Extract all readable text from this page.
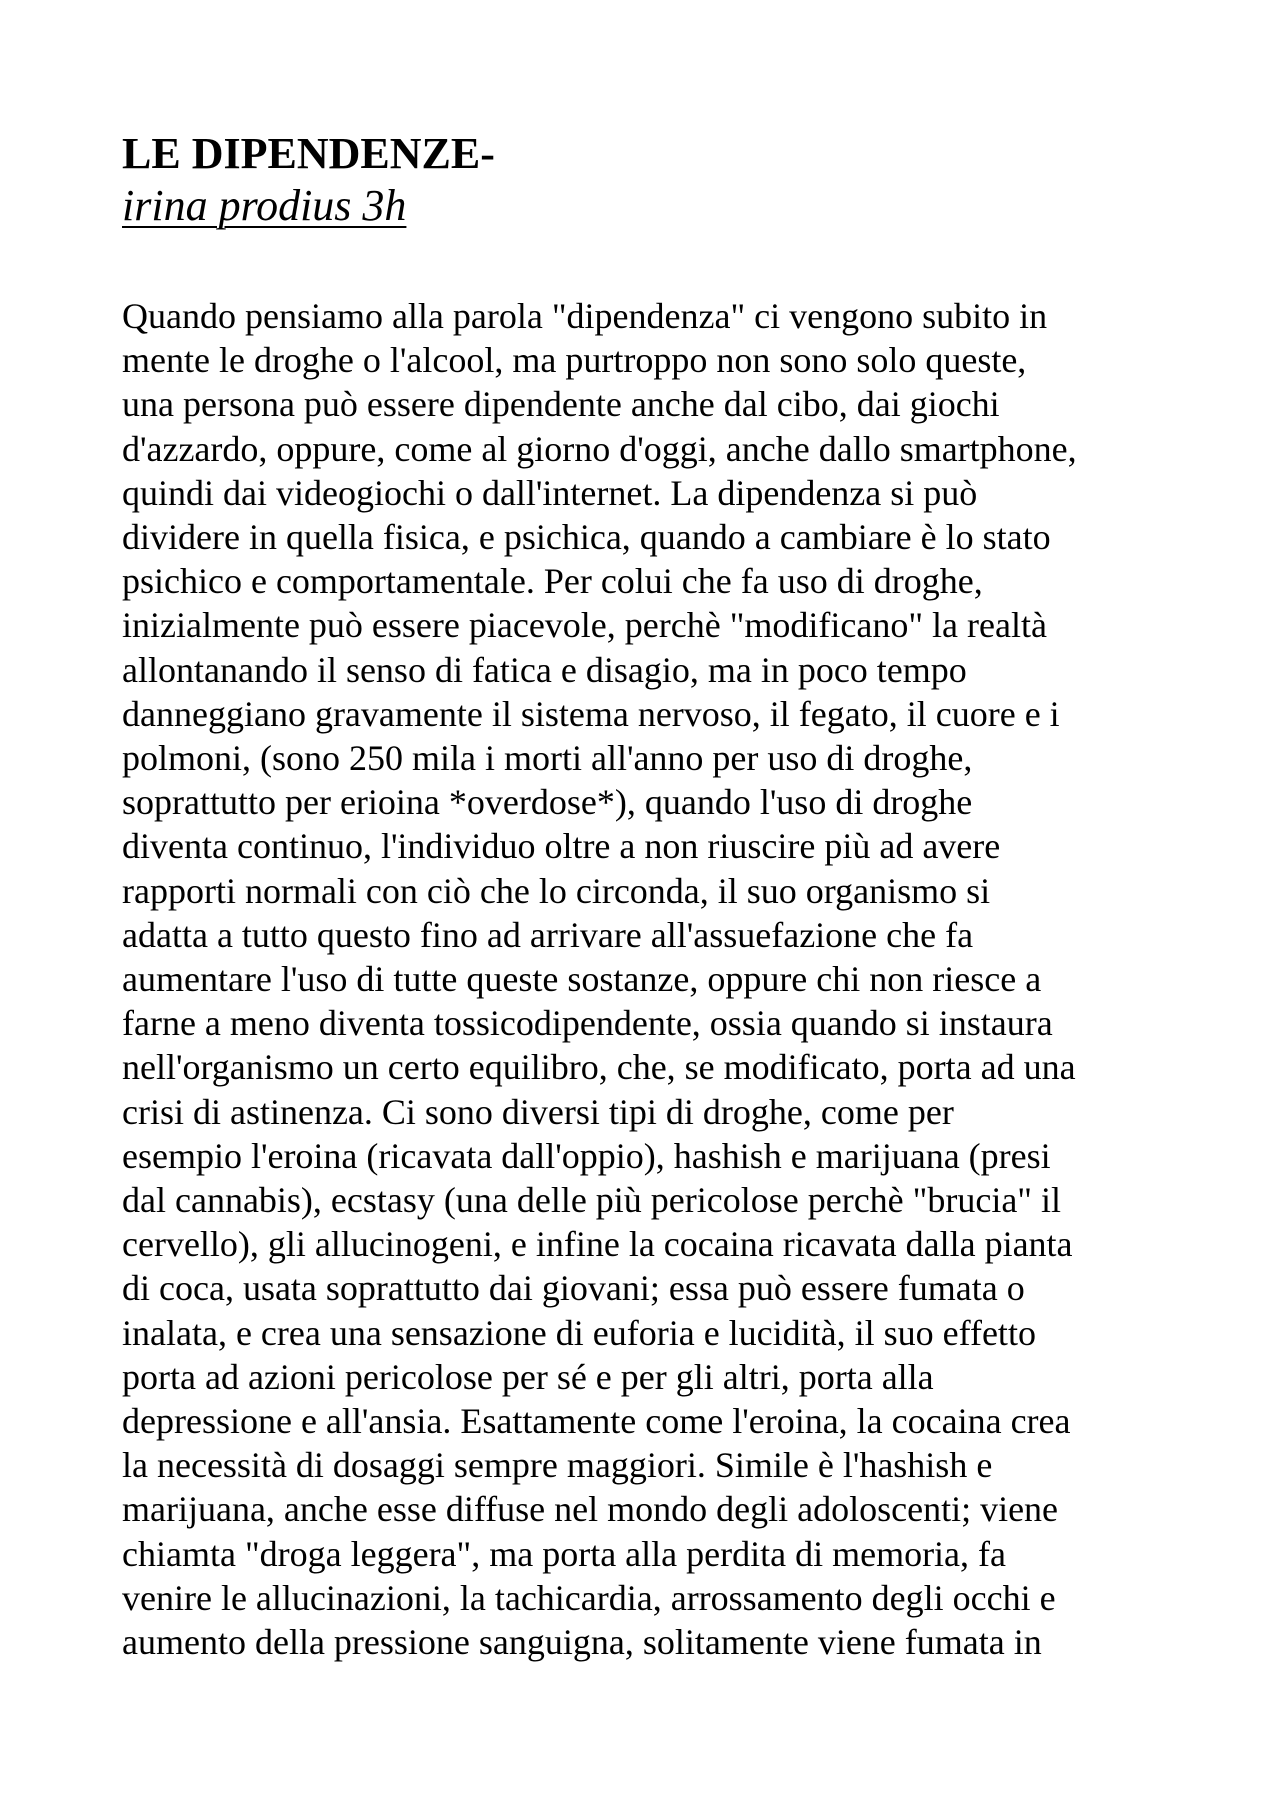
LE DIPENDENZE-
irina prodius 3h
Quando pensiamo alla parola "dipendenza" ci vengono subito in
mente le droghe o l'alcool, ma purtroppo non sono solo queste,
una persona può essere dipendente anche dal cibo, dai giochi
d'azzardo, oppure, come al giorno d'oggi, anche dallo smartphone,
quindi dai videogiochi o dall'internet. La dipendenza si può
dividere in quella fisica, e psichica, quando a cambiare è lo stato
psichico e comportamentale. Per colui che fa uso di droghe,
inizialmente può essere piacevole, perchè "modificano" la realtà
allontanando il senso di fatica e disagio, ma in poco tempo
danneggiano gravamente il sistema nervoso, il fegato, il cuore e i
polmoni, (sono 250 mila i morti all'anno per uso di droghe,
soprattutto per erioina *overdose*), quando l'uso di droghe
diventa continuo, l'individuo oltre a non riuscire più ad avere
rapporti normali con ciò che lo circonda, il suo organismo si
adatta a tutto questo fino ad arrivare all'assuefazione che fa
aumentare l'uso di tutte queste sostanze, oppure chi non riesce a
farne a meno diventa tossicodipendente, ossia quando si instaura
nell'organismo un certo equilibro, che, se modificato, porta ad una
crisi di astinenza. Ci sono diversi tipi di droghe, come per
esempio l'eroina (ricavata dall'oppio), hashish e marijuana (presi
dal cannabis), ecstasy (una delle più pericolose perchè "brucia" il
cervello), gli allucinogeni, e infine la cocaina ricavata dalla pianta
di coca, usata soprattutto dai giovani; essa può essere fumata o
inalata, e crea una sensazione di euforia e lucidità, il suo effetto
porta ad azioni pericolose per sé e per gli altri, porta alla
depressione e all'ansia. Esattamente come l'eroina, la cocaina crea
la necessità di dosaggi sempre maggiori. Simile è l'hashish e
marijuana, anche esse diffuse nel mondo degli adoloscenti; viene
chiamta "droga leggera", ma porta alla perdita di memoria, fa
venire le allucinazioni, la tachicardia, arrossamento degli occhi e
aumento della pressione sanguigna, solitamente viene fumata in
